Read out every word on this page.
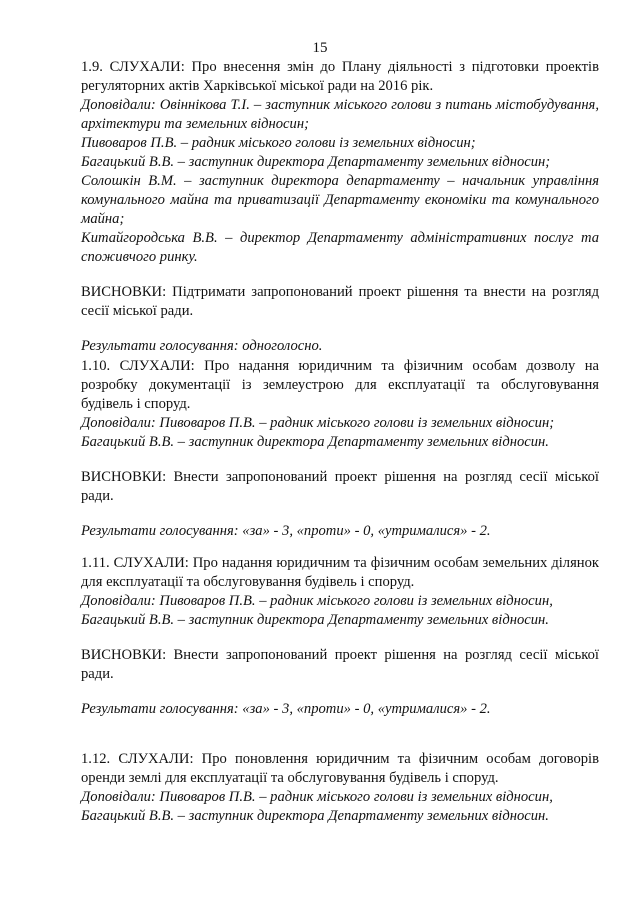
15

1.9. СЛУХАЛИ: Про внесення змін до Плану діяльності з підготовки проектів регуляторних актів Харківської міської ради на 2016 рік.

Доповідали: Овіннікова Т.І. – заступник міського голови з питань містобудування, архітектури та земельних відносин;

Пивоваров П.В. – радник міського голови із земельних відносин;

Багацький В.В. – заступник директора Департаменту земельних відносин;

Солошкін В.М. – заступник директора департаменту – начальник управління комунального майна та приватизації Департаменту економіки та комунального майна;

Китайгородська В.В. – директор Департаменту адміністративних послуг та споживчого ринку.

ВИСНОВКИ: Підтримати запропонований проект рішення та внести на розгляд сесії міської ради.

Результати голосування: одноголосно.

1.10. СЛУХАЛИ: Про надання юридичним та фізичним особам дозволу на розробку документації із землеустрою для експлуатації та обслуговування будівель і споруд.

Доповідали: Пивоваров П.В. – радник міського голови із земельних відносин;

Багацький В.В. – заступник директора Департаменту земельних відносин.

ВИСНОВКИ: Внести запропонований проект рішення на розгляд сесії міської ради.

Результати голосування: «за» - 3, «проти» - 0, «утрималися» - 2.

1.11. СЛУХАЛИ: Про надання юридичним та фізичним особам земельних ділянок для експлуатації та обслуговування будівель і споруд.

Доповідали: Пивоваров П.В. – радник міського голови із земельних відносин,

Багацький В.В. – заступник директора Департаменту земельних відносин.

ВИСНОВКИ: Внести запропонований проект рішення на розгляд сесії міської ради.

Результати голосування: «за» - 3, «проти» - 0, «утрималися» - 2.

1.12. СЛУХАЛИ: Про поновлення юридичним та фізичним особам договорів оренди землі для експлуатації та обслуговування будівель і споруд.

Доповідали: Пивоваров П.В. – радник міського голови із земельних відносин,

Багацький В.В. – заступник директора Департаменту земельних відносин.
